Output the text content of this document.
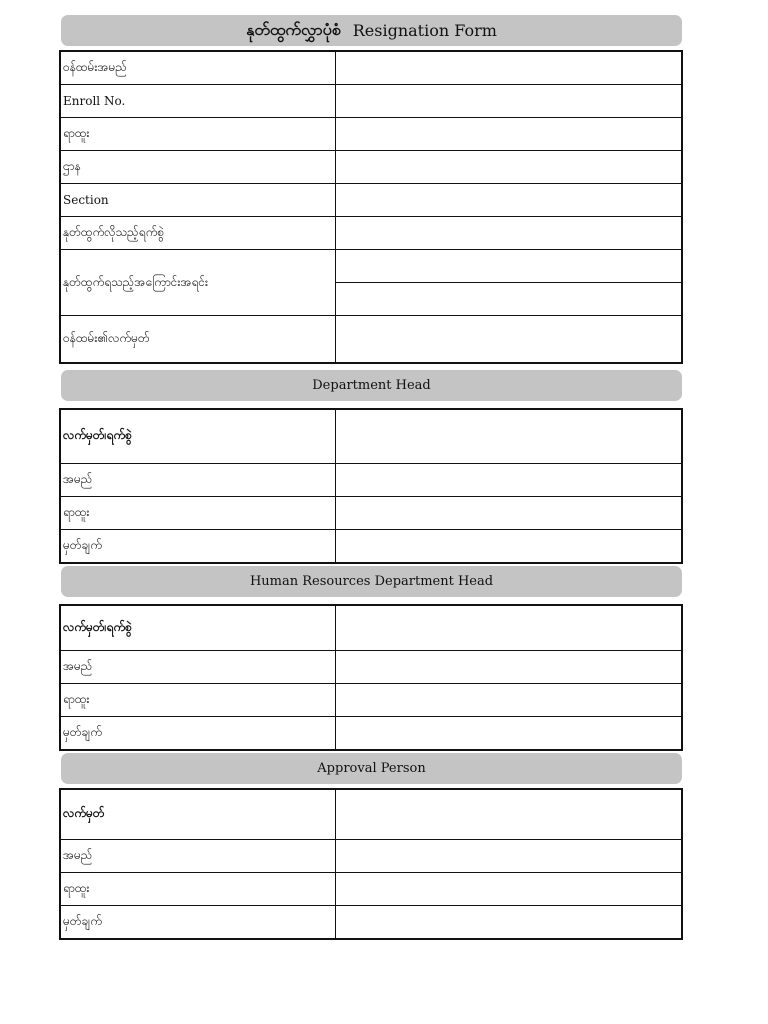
နုတ်ထွက်လွှာပုံစံ Resignation Form
ဝန်ထမ်းအမည်	
Enroll No.	
ရာထူး	
ဌာန	
Section	
နုတ်ထွက်လိုသည့်ရက်စွဲ	
နုတ်ထွက်ရသည့်အကြောင်းအရင်း	

ဝန်ထမ်း၏လက်မှတ်	
Department Head
လက်မှတ်၊ရက်စွဲ	
အမည်	
ရာထူး	
မှတ်ချက်	
Human Resources Department Head
လက်မှတ်၊ရက်စွဲ	
အမည်	
ရာထူး	
မှတ်ချက်	
Approval Person
လက်မှတ်	
အမည်	
ရာထူး	
မှတ်ချက်	
